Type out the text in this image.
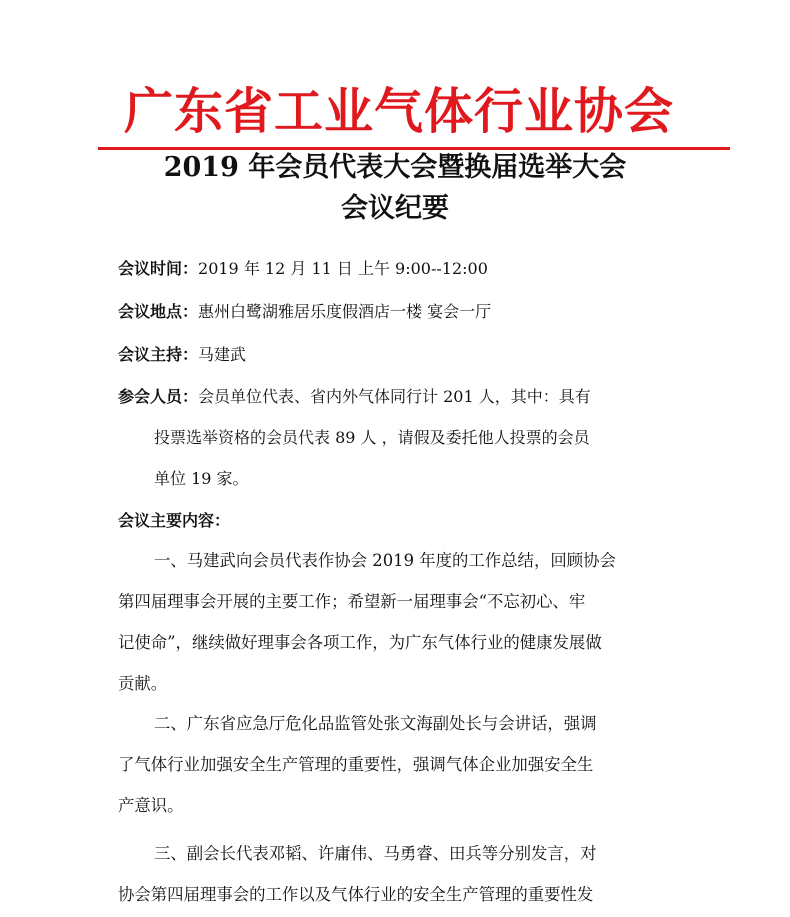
广东省工业气体行业协会
2019 年会员代表大会暨换届选举大会
会议纪要
会议时间：2019 年 12 月 11 日 上午 9:00--12:00
会议地点：惠州白鹭湖雅居乐度假酒店一楼 宴会一厅
会议主持：马建武
参会人员：会员单位代表、省内外气体同行计 201 人，其中：具有
投票选举资格的会员代表 89 人 ，请假及委托他人投票的会员
单位 19 家。
会议主要内容：
一、马建武向会员代表作协会 2019 年度的工作总结，回顾协会
第四届理事会开展的主要工作；希望新一届理事会“不忘初心、牢
记使命”，继续做好理事会各项工作，为广东气体行业的健康发展做
贡献。
二、广东省应急厅危化品监管处张文海副处长与会讲话，强调
了气体行业加强安全生产管理的重要性，强调气体企业加强安全生
产意识。
三、副会长代表邓韬、许庸伟、马勇睿、田兵等分别发言，对
协会第四届理事会的工作以及气体行业的安全生产管理的重要性发
